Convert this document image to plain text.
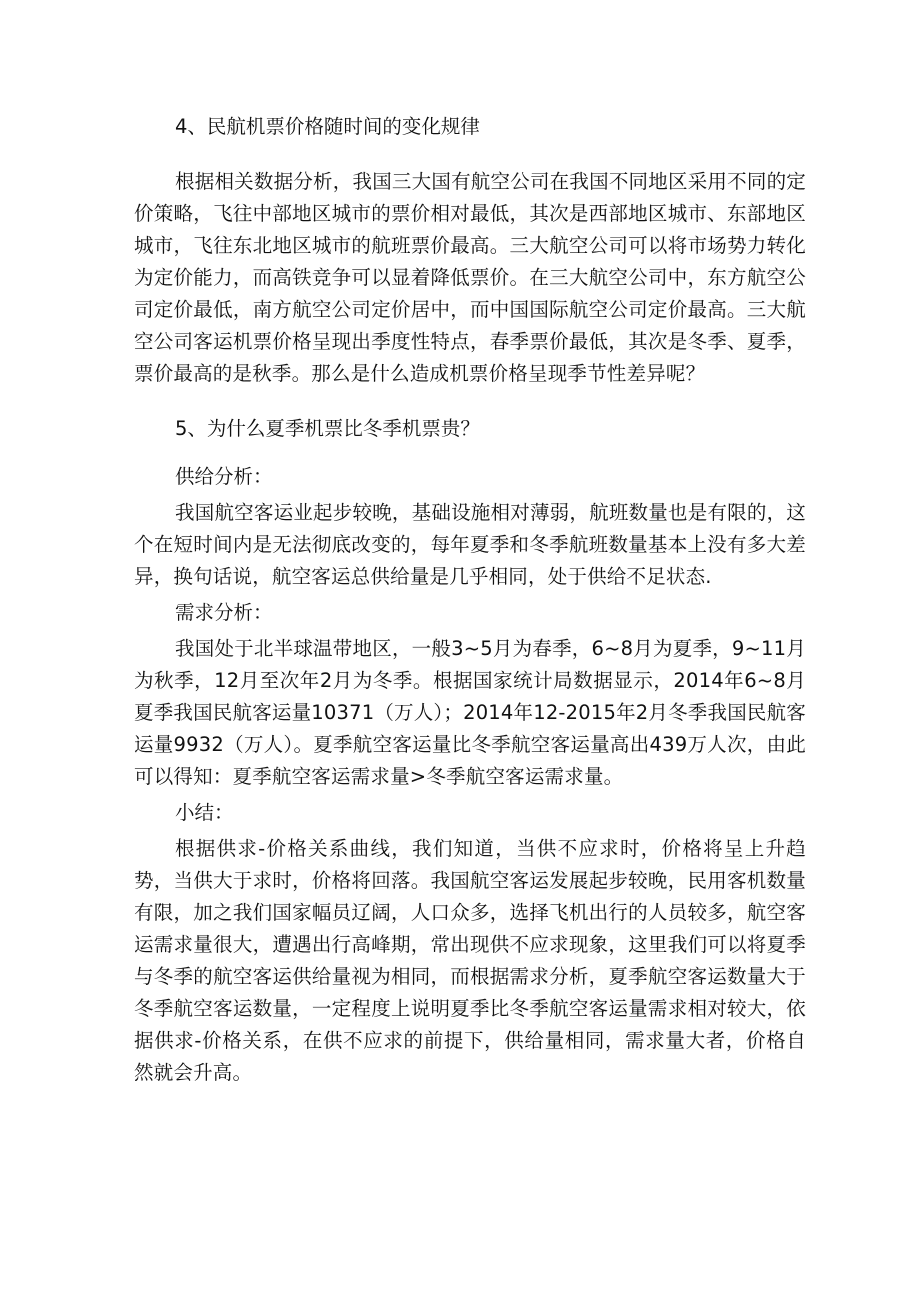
4、民航机票价格随时间的变化规律

根据相关数据分析，我国三大国有航空公司在我国不同地区采用不同的定价策略，飞往中部地区城市的票价相对最低，其次是西部地区城市、东部地区城市，飞往东北地区城市的航班票价最高。三大航空公司可以将市场势力转化为定价能力，而高铁竞争可以显着降低票价。在三大航空公司中，东方航空公司定价最低，南方航空公司定价居中，而中国国际航空公司定价最高。三大航空公司客运机票价格呈现出季度性特点，春季票价最低，其次是冬季、夏季，票价最高的是秋季。那么是什么造成机票价格呈现季节性差异呢？

5、为什么夏季机票比冬季机票贵？

供给分析：

我国航空客运业起步较晚，基础设施相对薄弱，航班数量也是有限的，这个在短时间内是无法彻底改变的，每年夏季和冬季航班数量基本上没有多大差异，换句话说，航空客运总供给量是几乎相同，处于供给不足状态.

需求分析：

我国处于北半球温带地区，一般3~5月为春季，6~8月为夏季，9~11月为秋季，12月至次年2月为冬季。根据国家统计局数据显示，2014年6~8月夏季我国民航客运量10371（万人）；2014年12-2015年2月冬季我国民航客运量9932（万人）。夏季航空客运量比冬季航空客运量高出439万人次，由此可以得知：夏季航空客运需求量>冬季航空客运需求量。

小结：

根据供求-价格关系曲线，我们知道，当供不应求时，价格将呈上升趋势，当供大于求时，价格将回落。我国航空客运发展起步较晚，民用客机数量有限，加之我们国家幅员辽阔，人口众多，选择飞机出行的人员较多，航空客运需求量很大，遭遇出行高峰期，常出现供不应求现象，这里我们可以将夏季与冬季的航空客运供给量视为相同，而根据需求分析，夏季航空客运数量大于冬季航空客运数量，一定程度上说明夏季比冬季航空客运量需求相对较大，依据供求-价格关系，在供不应求的前提下，供给量相同，需求量大者，价格自然就会升高。
